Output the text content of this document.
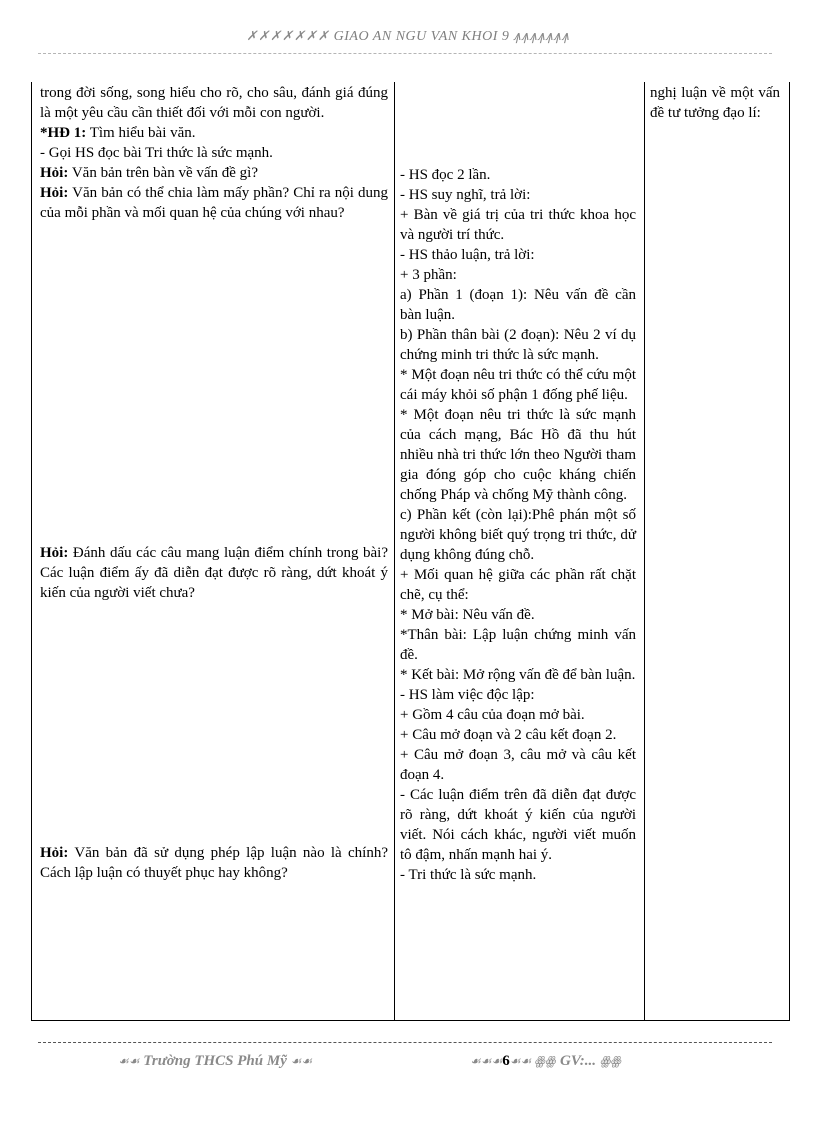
✗✗✗✗✗✗✗ GIAO AN NGU VAN KHOI 9 ꙟꙟꙟꙟꙟꙟꙟ

trong đời sống, song hiểu cho rõ, cho sâu, đánh giá đúng là một yêu cầu cần thiết đối với mỗi con người.

*HĐ 1: Tìm hiểu bài văn.

- Gọi HS đọc bài Tri thức là sức mạnh.

Hỏi: Văn bản trên bàn về vấn đề gì?

Hỏi: Văn bản có thể chia làm mấy phần? Chỉ ra nội dung của mỗi phần và mối quan hệ của chúng với nhau?

Hỏi: Đánh dấu các câu mang luận điểm chính trong bài? Các luận điểm ấy đã diễn đạt được rõ ràng, dứt khoát ý kiến của người viết chưa?

Hỏi: Văn bản đã sử dụng phép lập luận nào là chính? Cách lập luận có thuyết phục hay không?

- HS đọc 2 lần.

- HS suy nghĩ, trả lời:

+ Bàn về giá trị của tri thức khoa học và người trí thức.

- HS thảo luận, trả lời:

+ 3 phần:

a) Phần 1 (đoạn 1): Nêu vấn đề cần bàn luận.

b) Phần thân bài (2 đoạn): Nêu 2 ví dụ chứng minh tri thức là sức mạnh.

* Một đoạn nêu tri thức có thể cứu một cái máy khỏi số phận 1 đống phế liệu.

* Một đoạn nêu tri thức là sức mạnh của cách mạng, Bác Hồ đã thu hút nhiều nhà tri thức lớn theo Người tham gia đóng góp cho cuộc kháng chiến chống Pháp và chống Mỹ thành công.

c) Phần kết (còn lại):Phê phán một số người không biết quý trọng tri thức, dử dụng không đúng chỗ.

+ Mối quan hệ giữa các phần rất chặt chẽ, cụ thể:

* Mở bài: Nêu vấn đề.

*Thân bài: Lập luận chứng minh vấn đề.

* Kết bài: Mở rộng vấn đề để bàn luận.

- HS làm việc độc lập:

+ Gồm 4 câu của đoạn mở bài.

+ Câu mở đoạn và 2 câu kết đoạn 2.

+ Câu mở đoạn 3, câu mở và câu kết đoạn 4.

- Các luận điểm trên đã diễn đạt được rõ ràng, dứt khoát ý kiến của người viết. Nói cách khác, người viết muốn tô đậm, nhấn mạnh hai ý.

- Tri thức là sức mạnh.

nghị luận về một vấn đề tư tưởng đạo lí:

☙☙ Trường THCS Phú Mỹ ☙☙	☙☙☙6☙☙ ꙮꙮ GV:... ꙮꙮ
